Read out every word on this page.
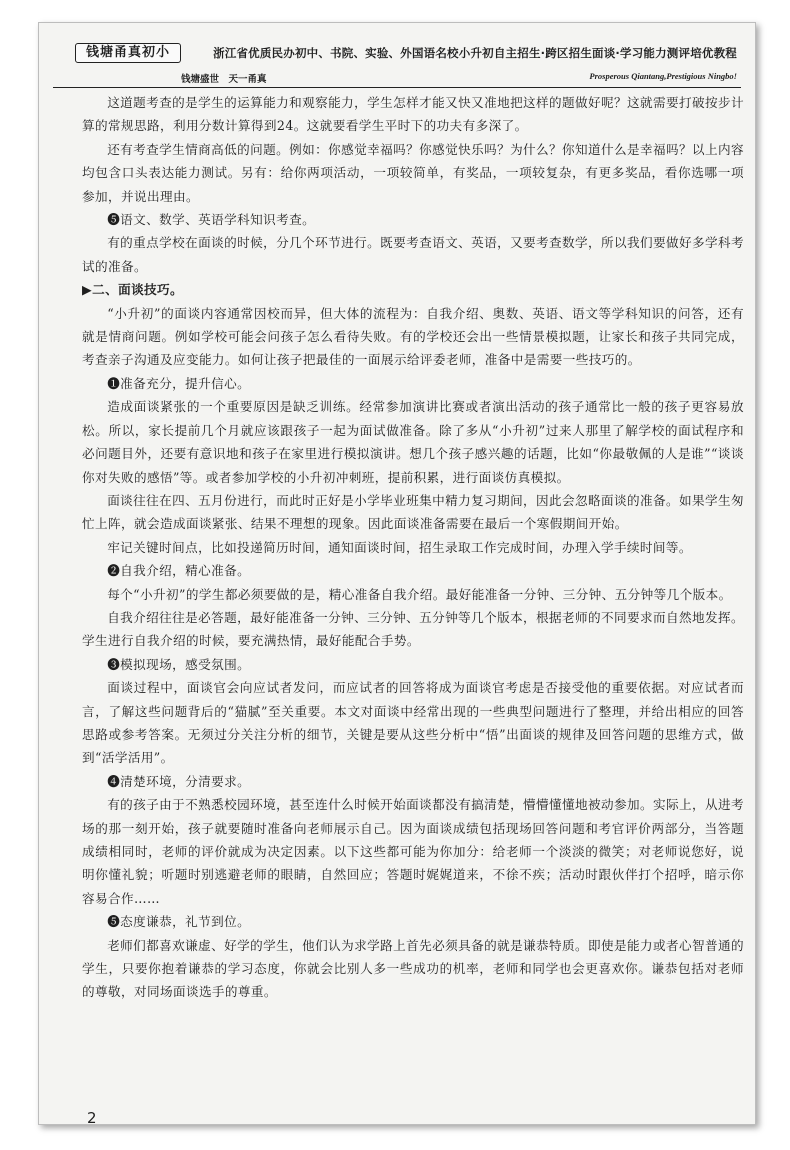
钱塘甬真初小
钱塘盛世　天一甬真
浙江省优质民办初中、书院、实验、外国语名校小升初自主招生·跨区招生面谈·学习能力测评培优教程
Prosperous Qiantang,Prestigious Ningbo!

这道题考查的是学生的运算能力和观察能力，学生怎样才能又快又准地把这样的题做好呢？这就需要打破按步计算的常规思路，利用分数计算得到24。这就要看学生平时下的功夫有多深了。

还有考查学生情商高低的问题。例如：你感觉幸福吗？你感觉快乐吗？为什么？你知道什么是幸福吗？以上内容均包含口头表达能力测试。另有：给你两项活动，一项较简单，有奖品，一项较复杂，有更多奖品，看你选哪一项参加，并说出理由。

❺语文、数学、英语学科知识考查。

有的重点学校在面谈的时候，分几个环节进行。既要考查语文、英语，又要考查数学，所以我们要做好多学科考试的准备。

▶二、面谈技巧。

“小升初”的面谈内容通常因校而异，但大体的流程为：自我介绍、奥数、英语、语文等学科知识的问答，还有就是情商问题。例如学校可能会问孩子怎么看待失败。有的学校还会出一些情景模拟题，让家长和孩子共同完成，考查亲子沟通及应变能力。如何让孩子把最佳的一面展示给评委老师，准备中是需要一些技巧的。

❶准备充分，提升信心。

造成面谈紧张的一个重要原因是缺乏训练。经常参加演讲比赛或者演出活动的孩子通常比一般的孩子更容易放松。所以，家长提前几个月就应该跟孩子一起为面试做准备。除了多从“小升初”过来人那里了解学校的面试程序和必问题目外，还要有意识地和孩子在家里进行模拟演讲。想几个孩子感兴趣的话题，比如“你最敬佩的人是谁”“谈谈你对失败的感悟”等。或者参加学校的小升初冲刺班，提前积累，进行面谈仿真模拟。

面谈往往在四、五月份进行，而此时正好是小学毕业班集中精力复习期间，因此会忽略面谈的准备。如果学生匆忙上阵，就会造成面谈紧张、结果不理想的现象。因此面谈准备需要在最后一个寒假期间开始。

牢记关键时间点，比如投递简历时间，通知面谈时间，招生录取工作完成时间，办理入学手续时间等。

❷自我介绍，精心准备。

每个“小升初”的学生都必须要做的是，精心准备自我介绍。最好能准备一分钟、三分钟、五分钟等几个版本。

自我介绍往往是必答题，最好能准备一分钟、三分钟、五分钟等几个版本，根据老师的不同要求而自然地发挥。学生进行自我介绍的时候，要充满热情，最好能配合手势。

❸模拟现场，感受氛围。

面谈过程中，面谈官会向应试者发问，而应试者的回答将成为面谈官考虑是否接受他的重要依据。对应试者而言，了解这些问题背后的“猫腻”至关重要。本文对面谈中经常出现的一些典型问题进行了整理，并给出相应的回答思路或参考答案。无须过分关注分析的细节，关键是要从这些分析中“悟”出面谈的规律及回答问题的思维方式，做到“活学活用”。

❹清楚环境，分清要求。

有的孩子由于不熟悉校园环境，甚至连什么时候开始面谈都没有搞清楚，懵懵懂懂地被动参加。实际上，从进考场的那一刻开始，孩子就要随时准备向老师展示自己。因为面谈成绩包括现场回答问题和考官评价两部分，当答题成绩相同时，老师的评价就成为决定因素。以下这些都可能为你加分：给老师一个淡淡的微笑；对老师说您好，说明你懂礼貌；听题时别逃避老师的眼睛，自然回应；答题时娓娓道来，不徐不疾；活动时跟伙伴打个招呼，暗示你容易合作……

❺态度谦恭，礼节到位。

老师们都喜欢谦虚、好学的学生，他们认为求学路上首先必须具备的就是谦恭特质。即使是能力或者心智普通的学生，只要你抱着谦恭的学习态度，你就会比别人多一些成功的机率，老师和同学也会更喜欢你。谦恭包括对老师的尊敬，对同场面谈选手的尊重。

2
